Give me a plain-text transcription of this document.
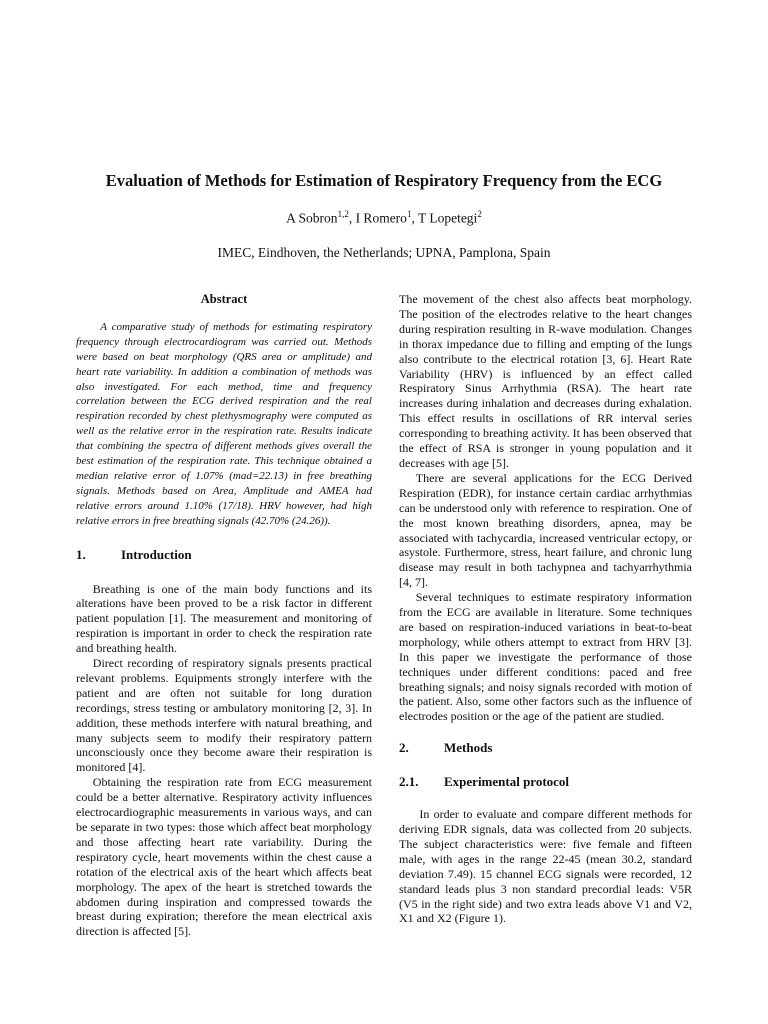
Evaluation of Methods for Estimation of Respiratory Frequency from the ECG
A Sobron$^{1,2}$, I Romero$^1$, T Lopetegi$^2$
IMEC, Eindhoven, the Netherlands; UPNA, Pamplona, Spain
Abstract

A comparative study of methods for estimating respiratory frequency through electrocardiogram was carried out. Methods were based on beat morphology (QRS area or amplitude) and heart rate variability. In addition a combination of methods was also investigated. For each method, time and frequency correlation between the ECG derived respiration and the real respiration recorded by chest plethysmography were computed as well as the relative error in the respiration rate. Results indicate that combining the spectra of different methods gives overall the best estimation of the respiration rate. This technique obtained a median relative error of 1.07% (mad=22.13) in free breathing signals. Methods based on Area, Amplitude and AMEA had relative errors around 1.10% (17/18). HRV however, had high relative errors in free breathing signals (42.70% (24.26)).

1.	Introduction

Breathing is one of the main body functions and its alterations have been proved to be a risk factor in different patient population [1]. The measurement and monitoring of respiration is important in order to check the respiration rate and breathing health.

Direct recording of respiratory signals presents practical relevant problems. Equipments strongly interfere with the patient and are often not suitable for long duration recordings, stress testing or ambulatory monitoring [2, 3]. In addition, these methods interfere with natural breathing, and many subjects seem to modify their respiratory pattern unconsciously once they become aware their respiration is monitored [4].

Obtaining the respiration rate from ECG measurement could be a better alternative. Respiratory activity influences electrocardiographic measurements in various ways, and can be separate in two types: those which affect beat morphology and those affecting heart rate variability. During the respiratory cycle, heart movements within the chest cause a rotation of the electrical axis of the heart which affects beat morphology. The apex of the heart is stretched towards the abdomen during inspiration and compressed towards the breast during expiration; therefore the mean electrical axis direction is affected [5].

The movement of the chest also affects beat morphology. The position of the electrodes relative to the heart changes during respiration resulting in R-wave modulation. Changes in thorax impedance due to filling and empting of the lungs also contribute to the electrical rotation [3, 6]. Heart Rate Variability (HRV) is influenced by an effect called Respiratory Sinus Arrhythmia (RSA). The heart rate increases during inhalation and decreases during exhalation. This effect results in oscillations of RR interval series corresponding to breathing activity. It has been observed that the effect of RSA is stronger in young population and it decreases with age [5].

There are several applications for the ECG Derived Respiration (EDR), for instance certain cardiac arrhythmias can be understood only with reference to respiration. One of the most known breathing disorders, apnea, may be associated with tachycardia, increased ventricular ectopy, or asystole. Furthermore, stress, heart failure, and chronic lung disease may result in both tachypnea and tachyarrhythmia [4, 7].

Several techniques to estimate respiratory information from the ECG are available in literature. Some techniques are based on respiration-induced variations in beat-to-beat morphology, while others attempt to extract from HRV [3]. In this paper we investigate the performance of those techniques under different conditions: paced and free breathing signals; and noisy signals recorded with motion of the patient. Also, some other factors such as the influence of electrodes position or the age of the patient are studied.

2.	Methods
2.1.	Experimental protocol

In order to evaluate and compare different methods for deriving EDR signals, data was collected from 20 subjects. The subject characteristics were: five female and fifteen male, with ages in the range 22-45 (mean 30.2, standard deviation 7.49). 15 channel ECG signals were recorded, 12 standard leads plus 3 non standard precordial leads: V5R (V5 in the right side) and two extra leads above V1 and V2, X1 and X2 (Figure 1).
